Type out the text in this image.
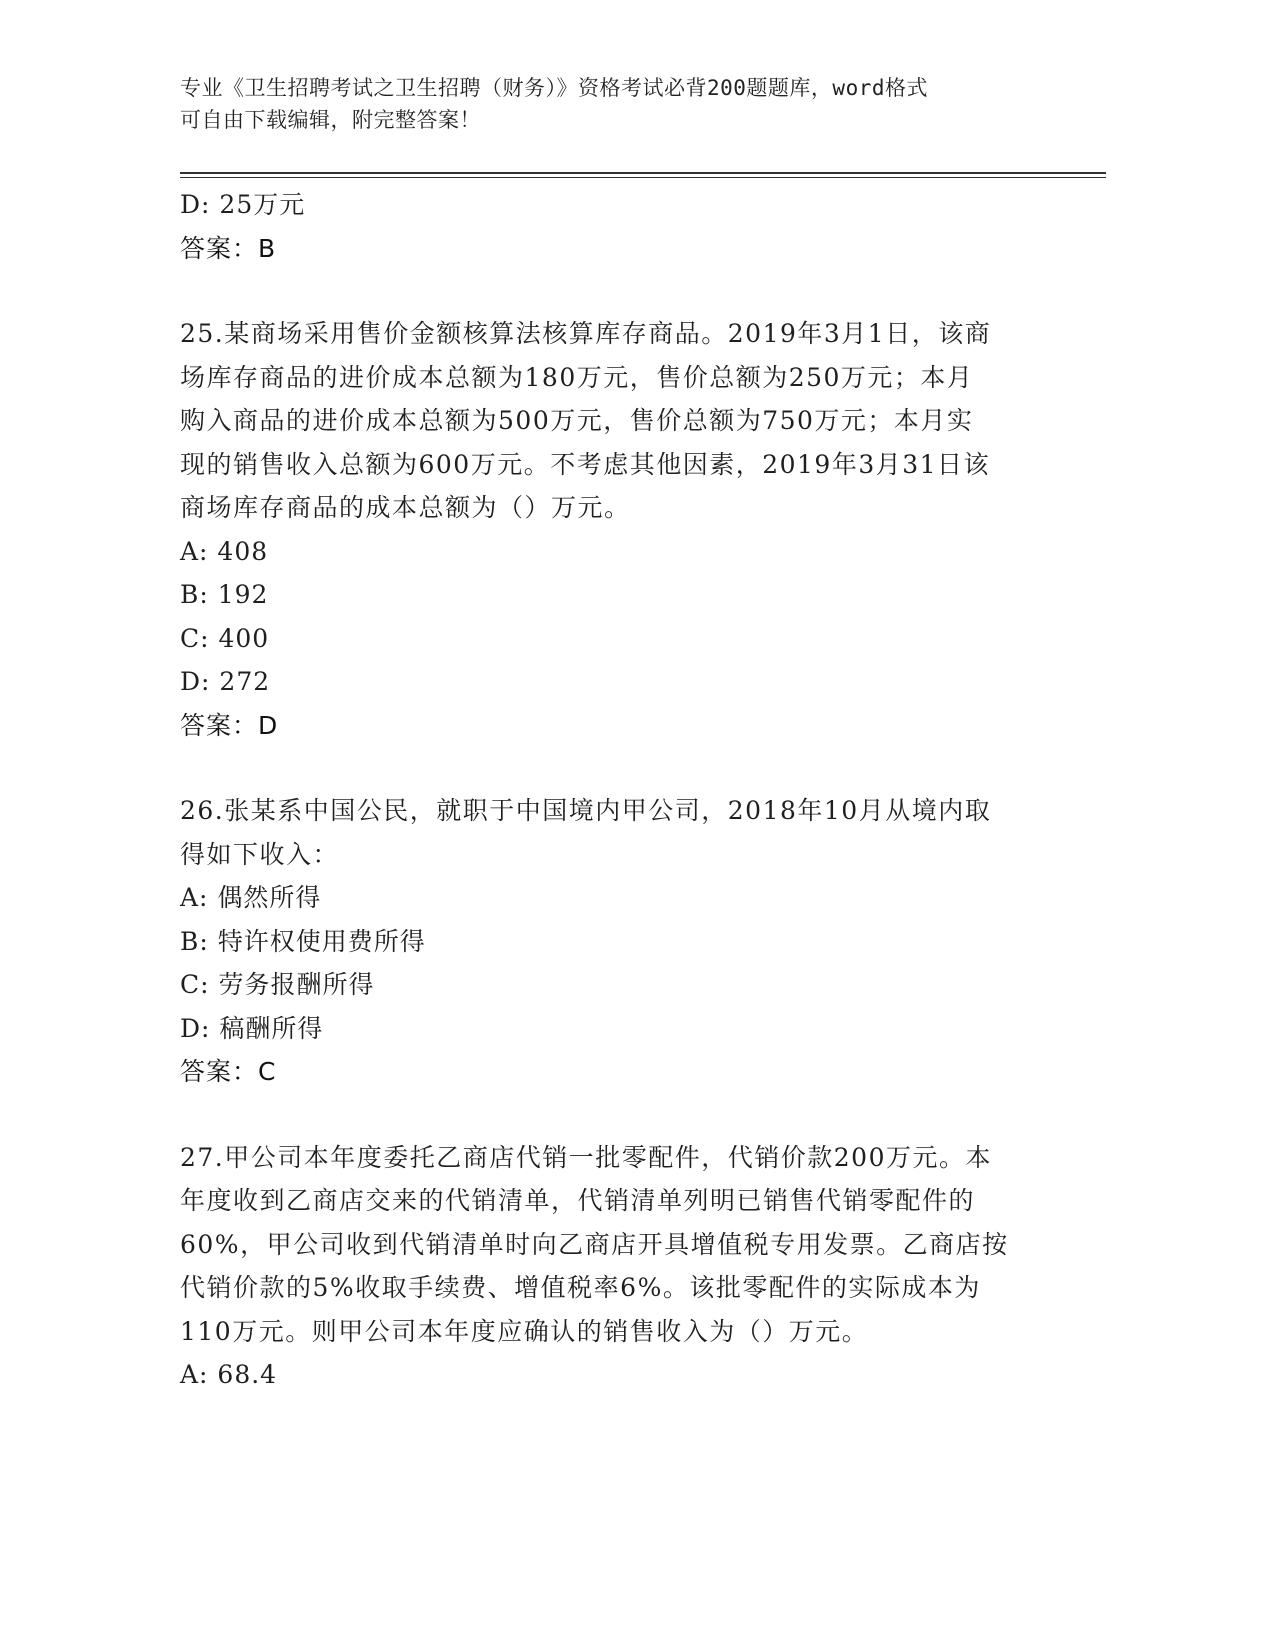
专业《卫生招聘考试之卫生招聘（财务）》资格考试必背200题题库，word格式
可自由下载编辑，附完整答案！
D: 25万元
答案：B
25.某商场采用售价金额核算法核算库存商品。2019年3月1日，该商
场库存商品的进价成本总额为180万元，售价总额为250万元；本月
购入商品的进价成本总额为500万元，售价总额为750万元；本月实
现的销售收入总额为600万元。不考虑其他因素，2019年3月31日该
商场库存商品的成本总额为（）万元。
A: 408
B: 192
C: 400
D: 272
答案：D
26.张某系中国公民，就职于中国境内甲公司，2018年10月从境内取
得如下收入：
A: 偶然所得
B: 特许权使用费所得
C: 劳务报酬所得
D: 稿酬所得
答案：C
27.甲公司本年度委托乙商店代销一批零配件，代销价款200万元。本
年度收到乙商店交来的代销清单，代销清单列明已销售代销零配件的
60%，甲公司收到代销清单时向乙商店开具增值税专用发票。乙商店按
代销价款的5%收取手续费、增值税率6%。该批零配件的实际成本为
110万元。则甲公司本年度应确认的销售收入为（）万元。
A: 68.4
